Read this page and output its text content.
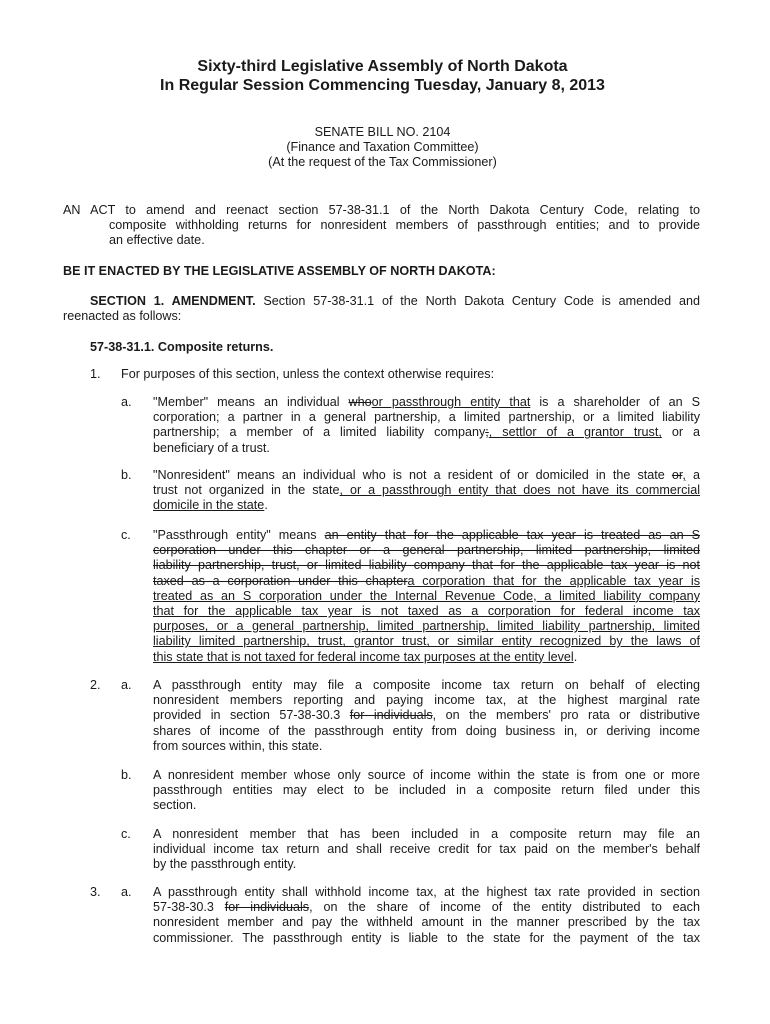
Sixty-third Legislative Assembly of North Dakota
In Regular Session Commencing Tuesday, January 8, 2013
SENATE BILL NO. 2104
(Finance and Taxation Committee)
(At the request of the Tax Commissioner)
AN ACT to amend and reenact section 57-38-31.1 of the North Dakota Century Code, relating to
composite withholding returns for nonresident members of passthrough entities; and to provide
an effective date.
BE IT ENACTED BY THE LEGISLATIVE ASSEMBLY OF NORTH DAKOTA:
SECTION 1. AMENDMENT. Section 57-38-31.1 of the North Dakota Century Code is amended and
reenacted as follows:
57-38-31.1. Composite returns.
1. For purposes of this section, unless the context otherwise requires:
a. "Member" means an individual whoor passthrough entity that is a shareholder of an S
corporation; a partner in a general partnership, a limited partnership, or a limited liability
partnership; a member of a limited liability company;, settlor of a grantor trust, or a
beneficiary of a trust.
b. "Nonresident" means an individual who is not a resident of or domiciled in the state or, a
trust not organized in the state, or a passthrough entity that does not have its commercial
domicile in the state.
c. "Passthrough entity" means an entity that for the applicable tax year is treated as an S
corporation under this chapter or a general partnership, limited partnership, limited
liability partnership, trust, or limited liability company that for the applicable tax year is not
taxed as a corporation under this chaptera corporation that for the applicable tax year is
treated as an S corporation under the Internal Revenue Code, a limited liability company
that for the applicable tax year is not taxed as a corporation for federal income tax
purposes, or a general partnership, limited partnership, limited liability partnership, limited
liability limited partnership, trust, grantor trust, or similar entity recognized by the laws of
this state that is not taxed for federal income tax purposes at the entity level.
2. a. A passthrough entity may file a composite income tax return on behalf of electing
nonresident members reporting and paying income tax, at the highest marginal rate
provided in section 57-38-30.3 for individuals, on the members' pro rata or distributive
shares of income of the passthrough entity from doing business in, or deriving income
from sources within, this state.
b. A nonresident member whose only source of income within the state is from one or more
passthrough entities may elect to be included in a composite return filed under this
section.
c. A nonresident member that has been included in a composite return may file an
individual income tax return and shall receive credit for tax paid on the member's behalf
by the passthrough entity.
3. a. A passthrough entity shall withhold income tax, at the highest tax rate provided in section
57-38-30.3 for individuals, on the share of income of the entity distributed to each
nonresident member and pay the withheld amount in the manner prescribed by the tax
commissioner. The passthrough entity is liable to the state for the payment of the tax
